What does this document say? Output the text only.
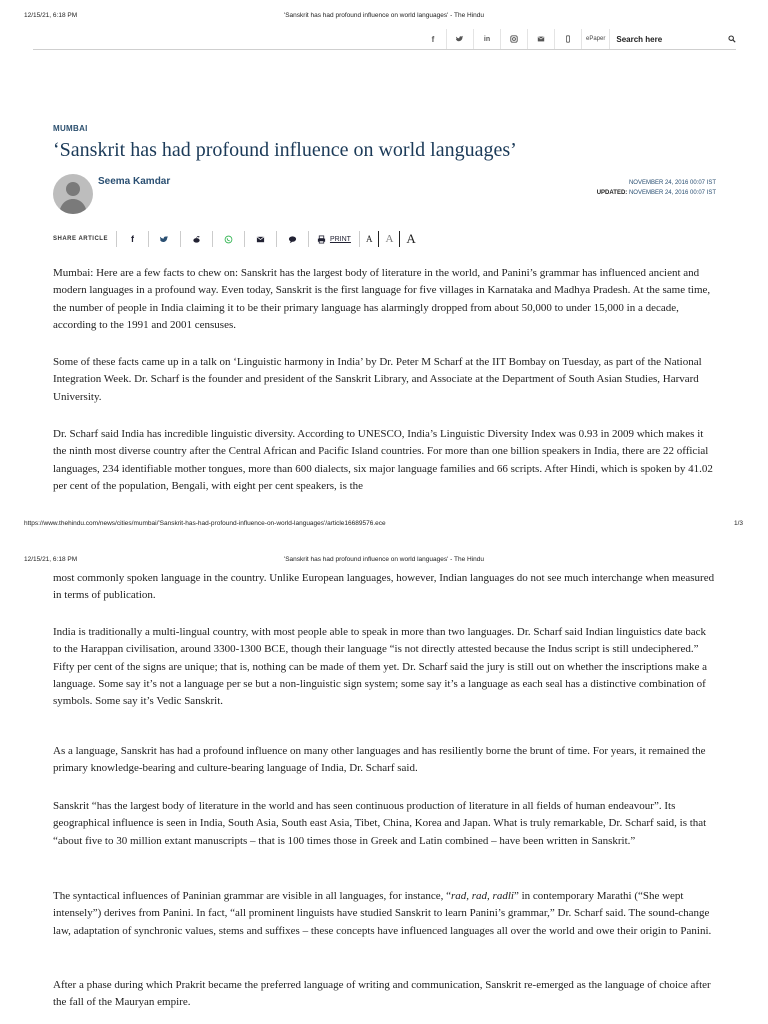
12/15/21, 6:18 PM	'Sanskrit has had profound influence on world languages' - The Hindu
f	in	ePaper	Search here
MUMBAI
‘Sanskrit has had profound influence on world languages’
Seema Kamdar	NOVEMBER 24, 2016 00:07 IST
UPDATED: NOVEMBER 24, 2016 00:07 IST
SHARE ARTICLE	f	PRINT	A	A	A

Mumbai: Here are a few facts to chew on: Sanskrit has the largest body of literature in the world, and Panini’s grammar has influenced ancient and modern languages in a profound way. Even today, Sanskrit is the first language for five villages in Karnataka and Madhya Pradesh. At the same time, the number of people in India claiming it to be their primary language has alarmingly dropped from about 50,000 to under 15,000 in a decade, according to the 1991 and 2001 censuses.

Some of these facts came up in a talk on ‘Linguistic harmony in India’ by Dr. Peter M Scharf at the IIT Bombay on Tuesday, as part of the National Integration Week. Dr. Scharf is the founder and president of the Sanskrit Library, and Associate at the Department of South Asian Studies, Harvard University.

Dr. Scharf said India has incredible linguistic diversity. According to UNESCO, India’s Linguistic Diversity Index was 0.93 in 2009 which makes it the ninth most diverse country after the Central African and Pacific Island countries. For more than one billion speakers in India, there are 22 official languages, 234 identifiable mother tongues, more than 600 dialects, six major language families and 66 scripts. After Hindi, which is spoken by 41.02 per cent of the population, Bengali, with eight per cent speakers, is the

https://www.thehindu.com/news/cities/mumbai/'Sanskrit-has-had-profound-influence-on-world-languages'/article16689576.ece	1/3
12/15/21, 6:18 PM	'Sanskrit has had profound influence on world languages' - The Hindu

most commonly spoken language in the country. Unlike European languages, however, Indian languages do not see much interchange when measured in terms of publication.

India is traditionally a multi-lingual country, with most people able to speak in more than two languages. Dr. Scharf said Indian linguistics date back to the Harappan civilisation, around 3300-1300 BCE, though their language “is not directly attested because the Indus script is still undeciphered.” Fifty per cent of the signs are unique; that is, nothing can be made of them yet. Dr. Scharf said the jury is still out on whether the inscriptions make a language. Some say it’s not a language per se but a non-linguistic sign system; some say it’s a language as each seal has a distinctive combination of symbols. Some say it’s Vedic Sanskrit.

As a language, Sanskrit has had a profound influence on many other languages and has resiliently borne the brunt of time. For years, it remained the primary knowledge-bearing and culture-bearing language of India, Dr. Scharf said.

Sanskrit “has the largest body of literature in the world and has seen continuous production of literature in all fields of human endeavour”. Its geographical influence is seen in India, South Asia, South east Asia, Tibet, China, Korea and Japan. What is truly remarkable, Dr. Scharf said, is that “about five to 30 million extant manuscripts – that is 100 times those in Greek and Latin combined – have been written in Sanskrit.”

The syntactical influences of Paninian grammar are visible in all languages, for instance, “rad, rad, radli” in contemporary Marathi (“She wept intensely”) derives from Panini. In fact, “all prominent linguists have studied Sanskrit to learn Panini’s grammar,” Dr. Scharf said. The sound-change law, adaptation of synchronic values, stems and suffixes – these concepts have influenced languages all over the world and owe their origin to Panini.

After a phase during which Prakrit became the preferred language of writing and communication, Sanskrit re-emerged as the language of choice after the fall of the Mauryan empire.
